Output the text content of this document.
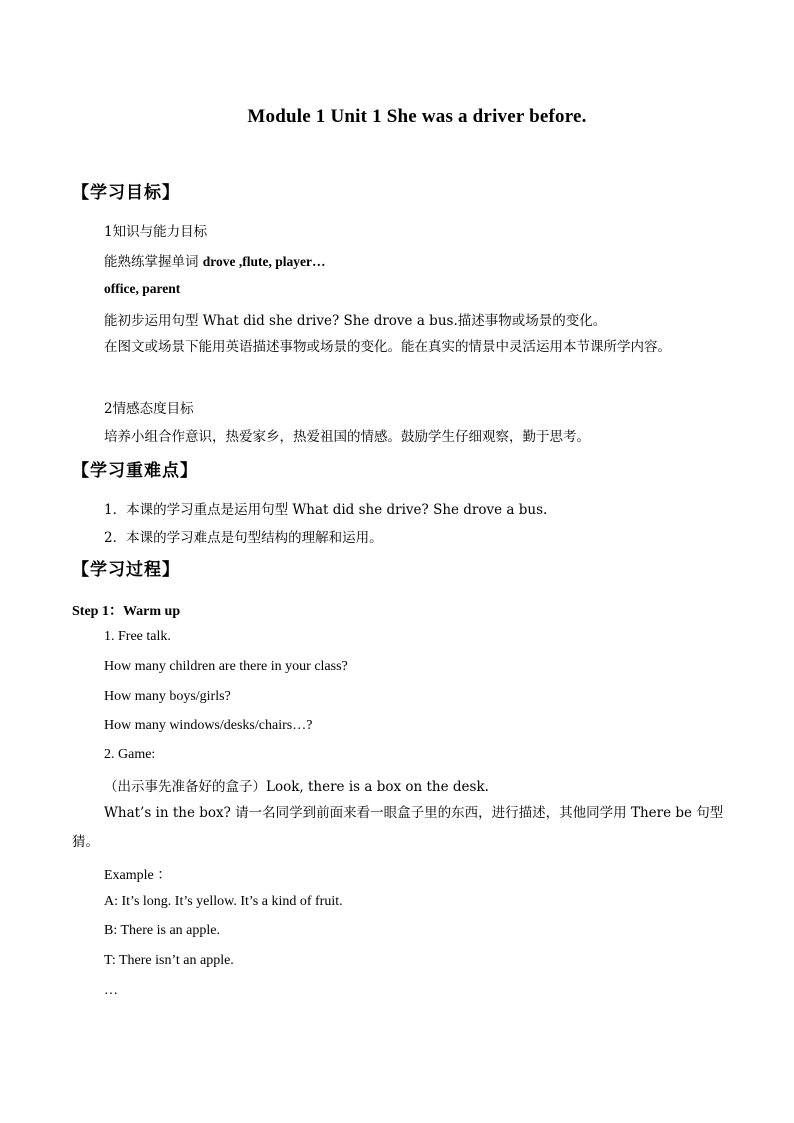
Module 1 Unit 1 She was a driver before.
【学习目标】
1知识与能力目标
能熟练掌握单词 drove ,flute, player…
office, parent
能初步运用句型 What did she drive? She drove a bus.描述事物或场景的变化。
在图文或场景下能用英语描述事物或场景的变化。能在真实的情景中灵活运用本节课所学内容。
2情感态度目标
培养小组合作意识，热爱家乡，热爱祖国的情感。鼓励学生仔细观察，勤于思考。
【学习重难点】
1．本课的学习重点是运用句型 What did she drive? She drove a bus.
2．本课的学习难点是句型结构的理解和运用。
【学习过程】
Step 1：Warm up
1. Free talk.
How many children are there in your class?
How many boys/girls?
How many windows/desks/chairs…?
2. Game:
（出示事先准备好的盒子）Look, there is a box on the desk.
What’s in the box? 请一名同学到前面来看一眼盒子里的东西，进行描述，其他同学用 There be 句型猜。
Example ：
A: It’s long. It’s yellow. It’s a kind of fruit.
B: There is an apple.
T: There isn’t an apple.
…
